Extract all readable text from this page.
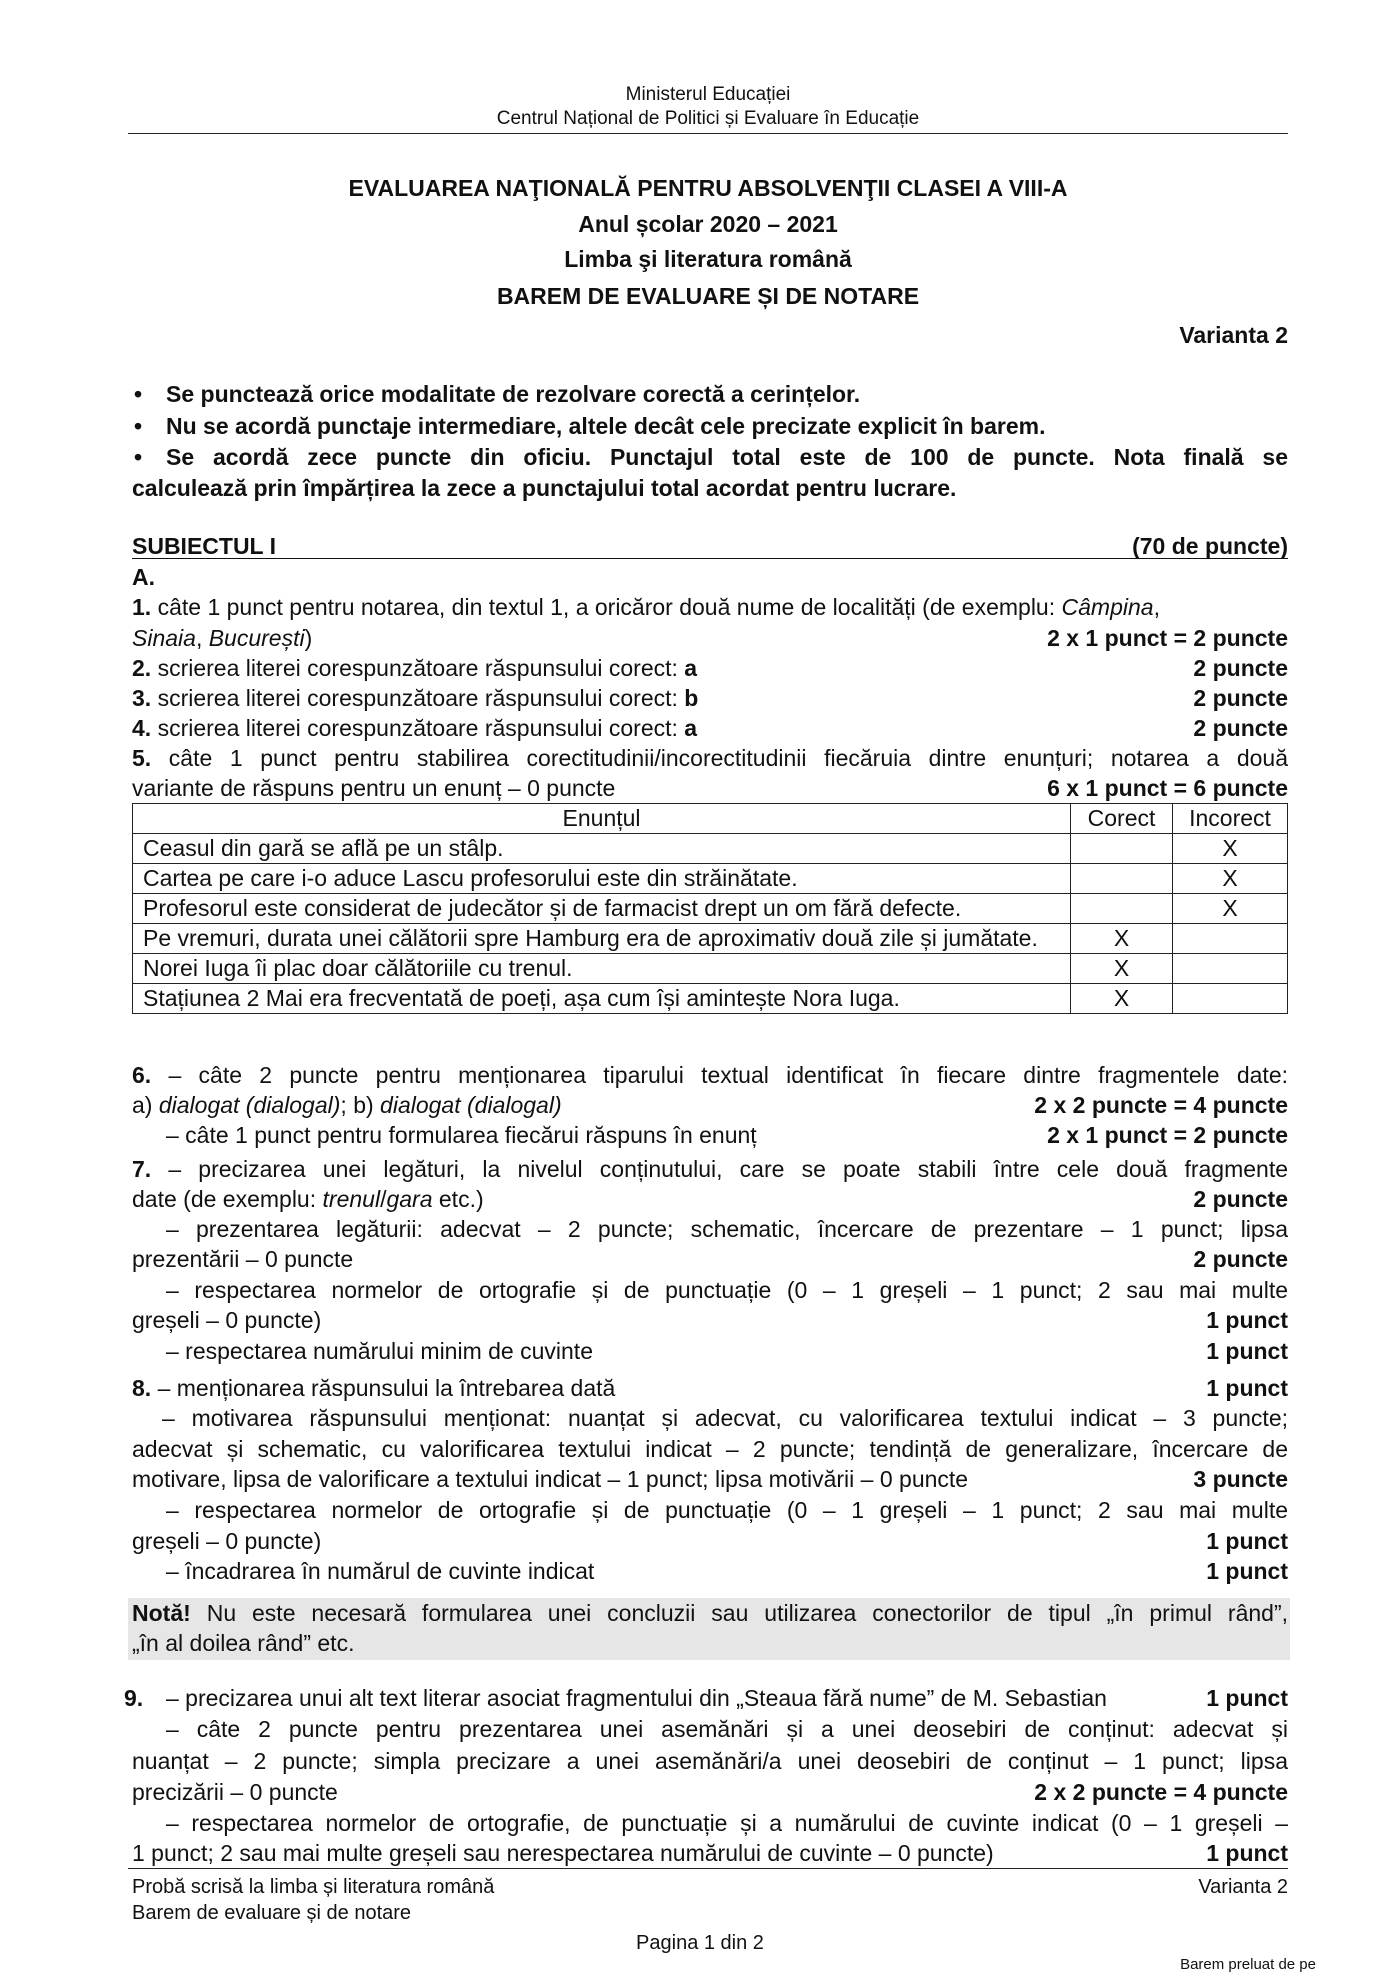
Ministerul Educației
Centrul Național de Politici și Evaluare în Educație
EVALUAREA NAŢIONALĂ PENTRU ABSOLVENŢII CLASEI A VIII-A
Anul școlar 2020 – 2021
Limba şi literatura română
BAREM DE EVALUARE ȘI DE NOTARE
Varianta 2
• Se punctează orice modalitate de rezolvare corectă a cerințelor.
• Nu se acordă punctaje intermediare, altele decât cele precizate explicit în barem.
• Se acordă zece puncte din oficiu. Punctajul total este de 100 de puncte. Nota finală se
calculează prin împărțirea la zece a punctajului total acordat pentru lucrare.
SUBIECTUL I	(70 de puncte)
A.
1. câte 1 punct pentru notarea, din textul 1, a oricăror două nume de localități (de exemplu: Câmpina,
Sinaia, București)	2 x 1 punct = 2 puncte
2. scrierea literei corespunzătoare răspunsului corect: a	2 puncte
3. scrierea literei corespunzătoare răspunsului corect: b	2 puncte
4. scrierea literei corespunzătoare răspunsului corect: a	2 puncte
5. câte 1 punct pentru stabilirea corectitudinii/incorectitudinii fiecăruia dintre enunțuri; notarea a două
variante de răspuns pentru un enunț – 0 puncte	6 x 1 punct = 6 puncte
Enunțul	Corect	Incorect
Ceasul din gară se află pe un stâlp.		X
Cartea pe care i-o aduce Lascu profesorului este din străinătate.		X
Profesorul este considerat de judecător și de farmacist drept un om fără defecte.		X
Pe vremuri, durata unei călătorii spre Hamburg era de aproximativ două zile și jumătate.	X	
Norei Iuga îi plac doar călătoriile cu trenul.	X	
Stațiunea 2 Mai era frecventată de poeți, așa cum își amintește Nora Iuga.	X	
6. – câte 2 puncte pentru menționarea tiparului textual identificat în fiecare dintre fragmentele date:
a) dialogat (dialogal); b) dialogat (dialogal)	2 x 2 puncte = 4 puncte
– câte 1 punct pentru formularea fiecărui răspuns în enunț	2 x 1 punct = 2 puncte
7. – precizarea unei legături, la nivelul conținutului, care se poate stabili între cele două fragmente
date (de exemplu: trenul/gara etc.)	2 puncte
– prezentarea legăturii: adecvat – 2 puncte; schematic, încercare de prezentare – 1 punct; lipsa
prezentării – 0 puncte	2 puncte
– respectarea normelor de ortografie și de punctuație (0 – 1 greșeli – 1 punct; 2 sau mai multe
greșeli – 0 puncte)	1 punct
– respectarea numărului minim de cuvinte	1 punct
8. – menționarea răspunsului la întrebarea dată	1 punct
– motivarea răspunsului menționat: nuanțat și adecvat, cu valorificarea textului indicat – 3 puncte;
adecvat și schematic, cu valorificarea textului indicat – 2 puncte; tendință de generalizare, încercare de
motivare, lipsa de valorificare a textului indicat – 1 punct; lipsa motivării – 0 puncte	3 puncte
– respectarea normelor de ortografie și de punctuație (0 – 1 greșeli – 1 punct; 2 sau mai multe
greșeli – 0 puncte)	1 punct
– încadrarea în numărul de cuvinte indicat	1 punct
Notă! Nu este necesară formularea unei concluzii sau utilizarea conectorilor de tipul „în primul rând”,
„în al doilea rând” etc.
9. – precizarea unui alt text literar asociat fragmentului din „Steaua fără nume” de M. Sebastian	1 punct
– câte 2 puncte pentru prezentarea unei asemănări și a unei deosebiri de conținut: adecvat și
nuanțat – 2 puncte; simpla precizare a unei asemănări/a unei deosebiri de conținut – 1 punct; lipsa
precizării – 0 puncte	2 x 2 puncte = 4 puncte
– respectarea normelor de ortografie, de punctuație și a numărului de cuvinte indicat (0 – 1 greșeli –
1 punct; 2 sau mai multe greșeli sau nerespectarea numărului de cuvinte – 0 puncte)	1 punct
Probă scrisă la limba și literatura română	Varianta 2
Barem de evaluare și de notare
Pagina 1 din 2
Barem preluat de pe
